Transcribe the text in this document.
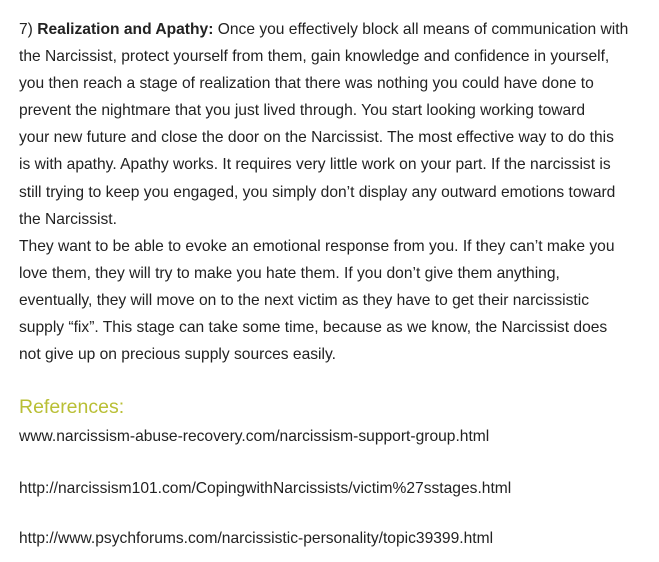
7) Realization and Apathy: Once you effectively block all means of communication with
the Narcissist, protect yourself from them, gain knowledge and confidence in yourself,
you then reach a stage of realization that there was nothing you could have done to
prevent the nightmare that you just lived through. You start looking working toward
your new future and close the door on the Narcissist. The most effective way to do this
is with apathy. Apathy works. It requires very little work on your part. If the narcissist is
still trying to keep you engaged, you simply don’t display any outward emotions toward
the Narcissist.

They want to be able to evoke an emotional response from you. If they can’t make you
love them, they will try to make you hate them. If you don’t give them anything,
eventually, they will move on to the next victim as they have to get their narcissistic
supply “fix”. This stage can take some time, because as we know, the Narcissist does
not give up on precious supply sources easily.

References:
www.narcissism-abuse-recovery.com/narcissism-support-group.html
http://narcissism101.com/CopingwithNarcissists/victim%27sstages.html
http://www.psychforums.com/narcissistic-personality/topic39399.html
